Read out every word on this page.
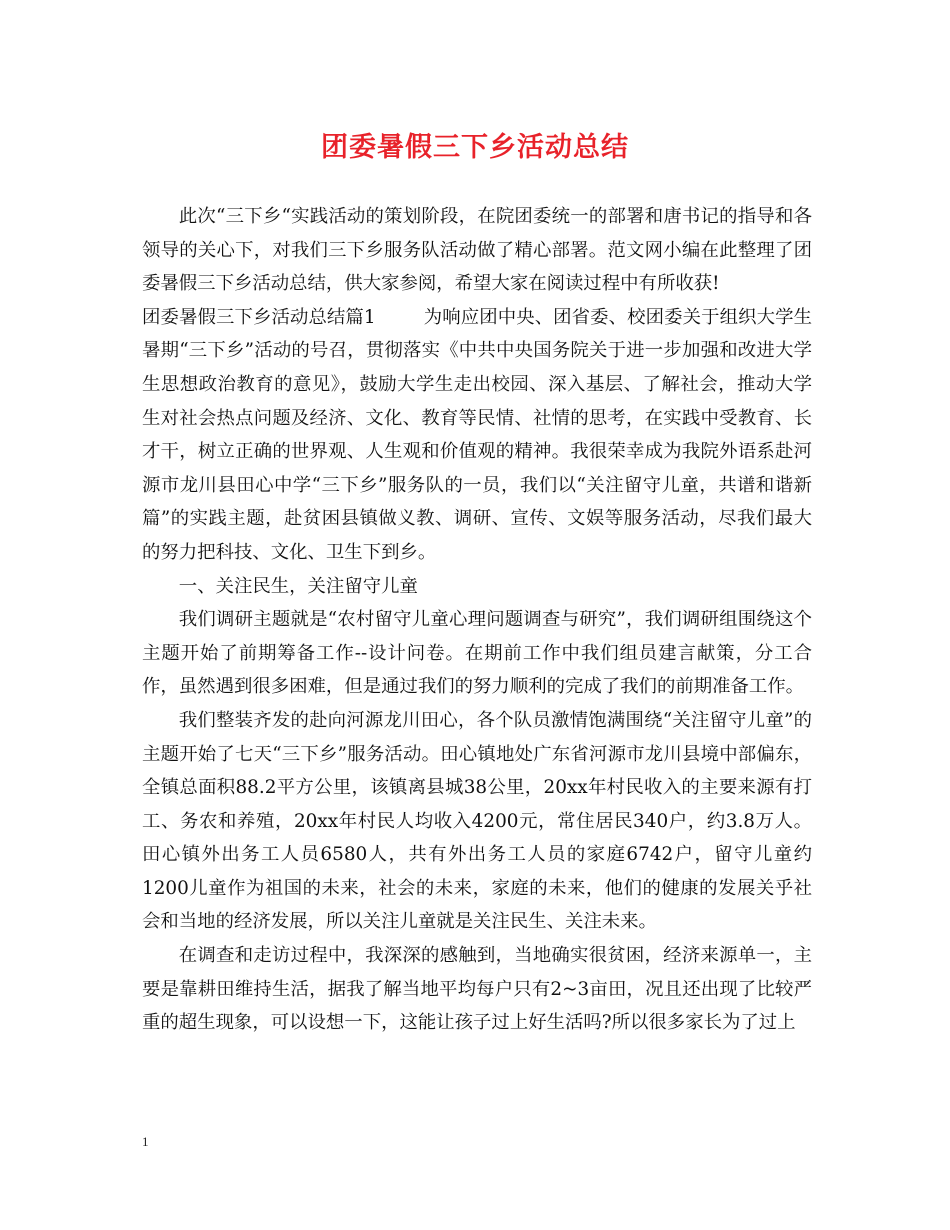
团委暑假三下乡活动总结

此次“三下乡“实践活动的策划阶段，在院团委统一的部署和唐书记的指导和各领导的关心下，对我们三下乡服务队活动做了精心部署。范文网小编在此整理了团委暑假三下乡活动总结，供大家参阅，希望大家在阅读过程中有所收获!

团委暑假三下乡活动总结篇1	为响应团中央、团省委、校团委关于组织大学生暑期“三下乡”活动的号召，贯彻落实《中共中央国务院关于进一步加强和改进大学生思想政治教育的意见》，鼓励大学生走出校园、深入基层、了解社会，推动大学生对社会热点问题及经济、文化、教育等民情、社情的思考，在实践中受教育、长才干，树立正确的世界观、人生观和价值观的精神。我很荣幸成为我院外语系赴河源市龙川县田心中学“三下乡”服务队的一员，我们以“关注留守儿童，共谱和谐新篇”的实践主题，赴贫困县镇做义教、调研、宣传、文娱等服务活动，尽我们最大的努力把科技、文化、卫生下到乡。

一、关注民生，关注留守儿童

我们调研主题就是“农村留守儿童心理问题调查与研究”，我们调研组围绕这个主题开始了前期筹备工作--设计问卷。在期前工作中我们组员建言献策，分工合作，虽然遇到很多困难，但是通过我们的努力顺利的完成了我们的前期准备工作。

我们整装齐发的赴向河源龙川田心，各个队员激情饱满围绕“关注留守儿童”的主题开始了七天“三下乡”服务活动。田心镇地处广东省河源市龙川县境中部偏东，全镇总面积88.2平方公里，该镇离县城38公里，20xx年村民收入的主要来源有打工、务农和养殖，20xx年村民人均收入4200元，常住居民340户，约3.8万人。田心镇外出务工人员6580人，共有外出务工人员的家庭6742户，留守儿童约1200儿童作为祖国的未来，社会的未来，家庭的未来，他们的健康的发展关乎社会和当地的经济发展，所以关注儿童就是关注民生、关注未来。

在调查和走访过程中，我深深的感触到，当地确实很贫困，经济来源单一，主要是靠耕田维持生活，据我了解当地平均每户只有2~3亩田，况且还出现了比较严重的超生现象，可以设想一下，这能让孩子过上好生活吗?所以很多家长为了过上

1
